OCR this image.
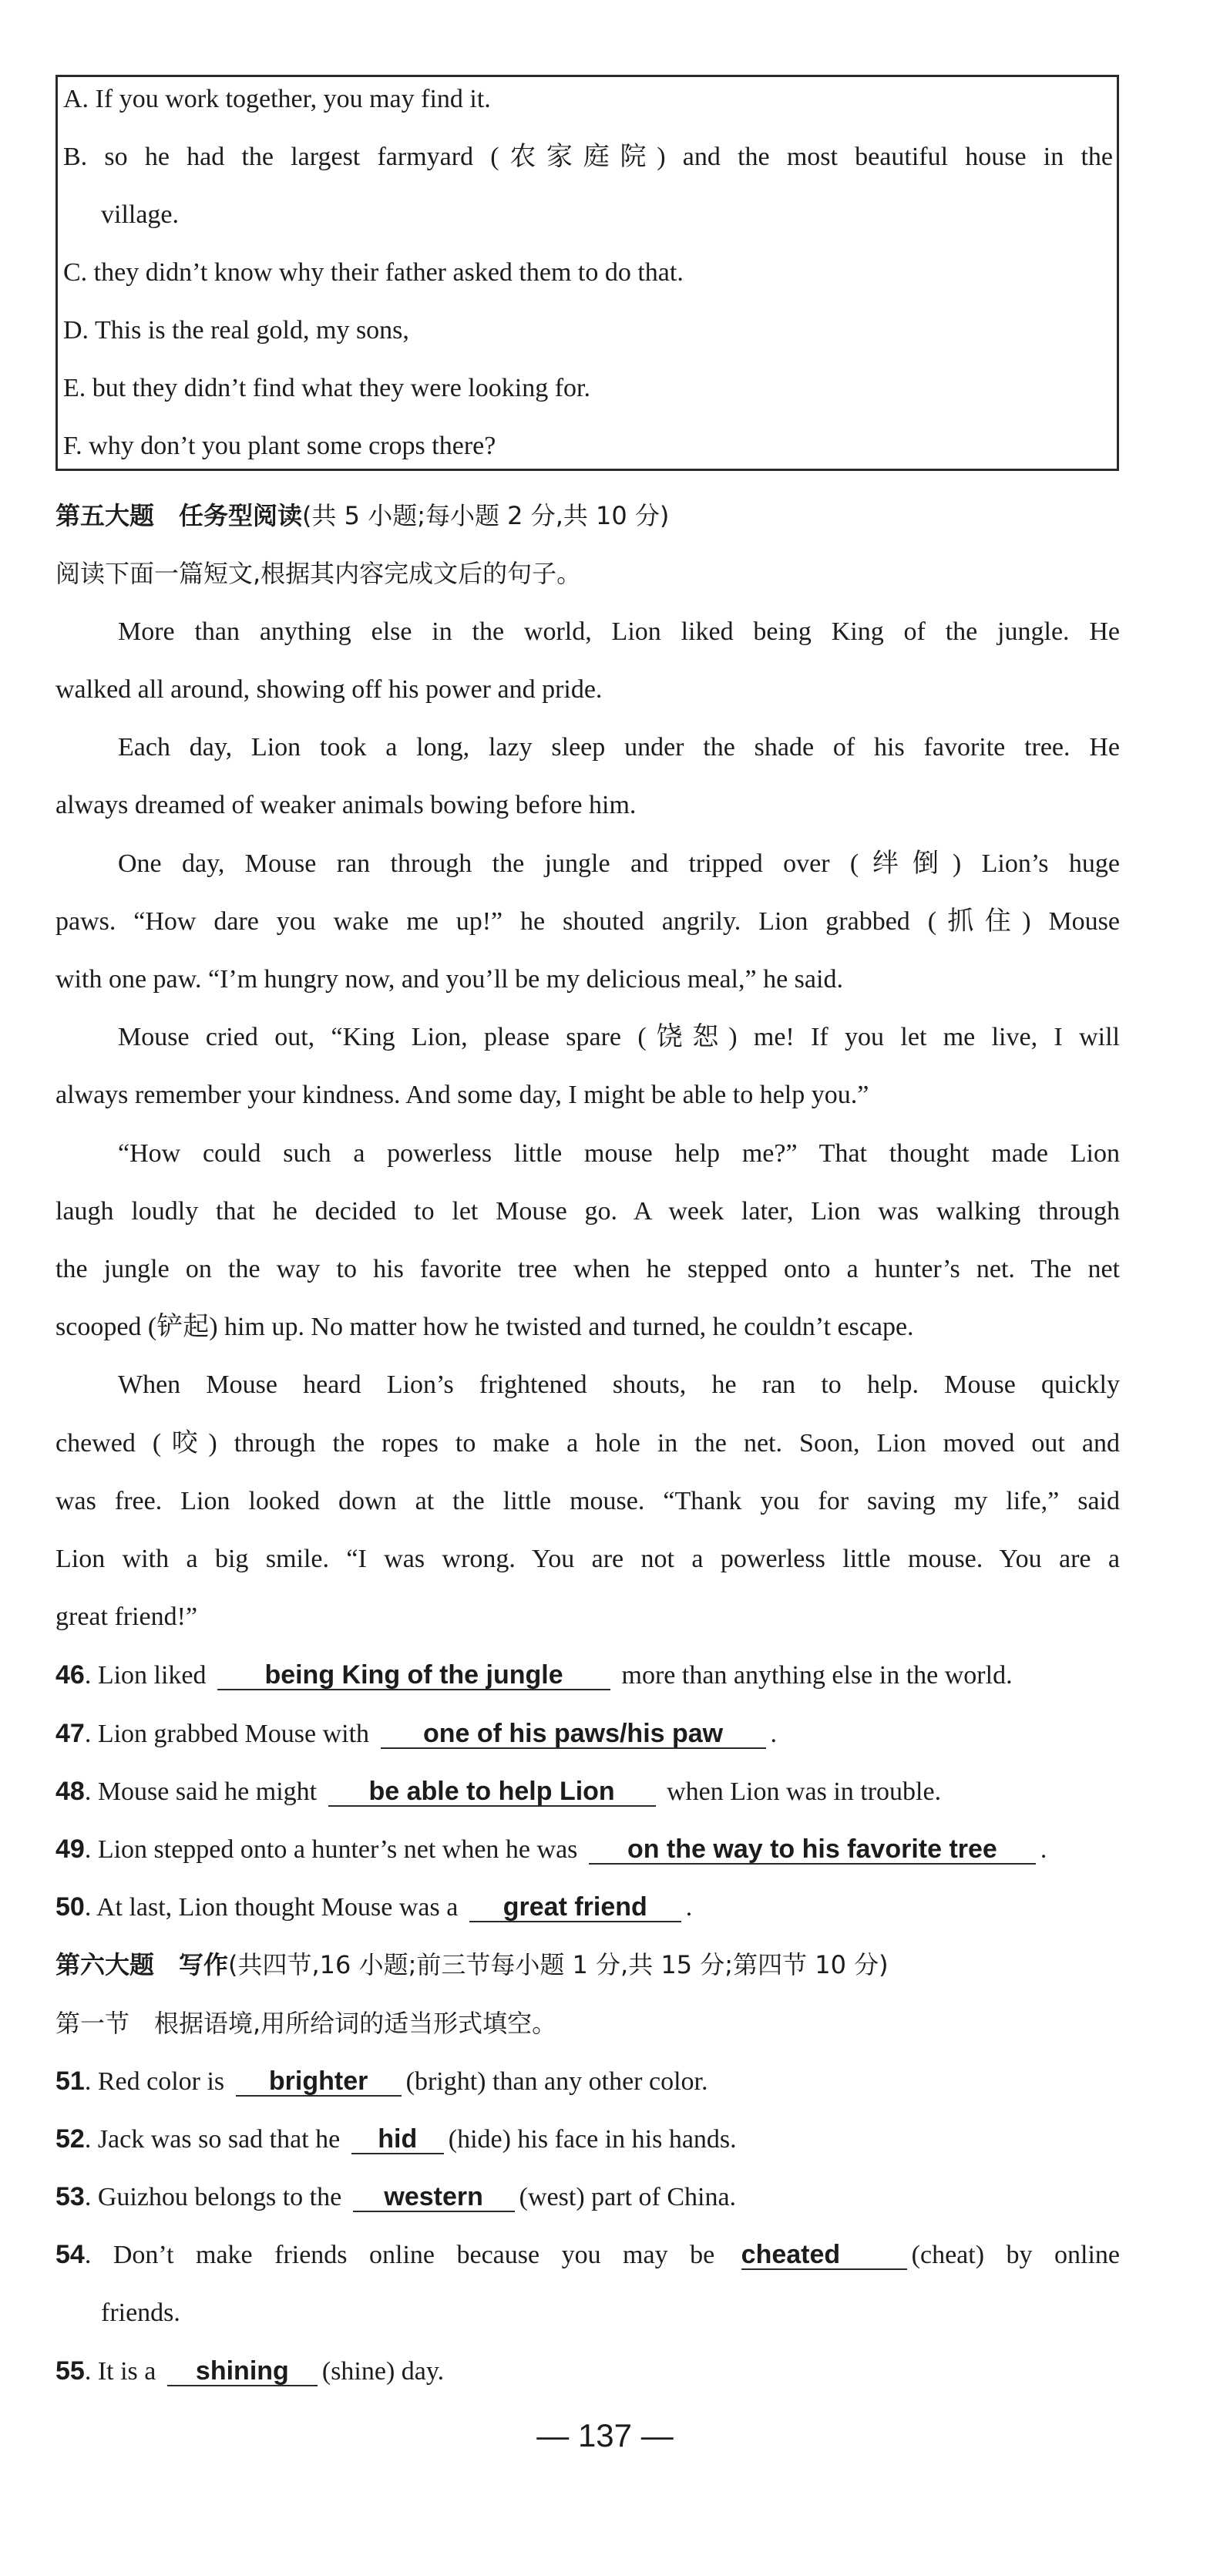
A. If you work together, you may find it.
B. so he had the largest farmyard (农家庭院) and the most beautiful house in the
village.
C. they didn’t know why their father asked them to do that.
D. This is the real gold, my sons,
E. but they didn’t find what they were looking for.
F. why don’t you plant some crops there?
第五大题　任务型阅读(共 5 小题;每小题 2 分,共 10 分)
阅读下面一篇短文,根据其内容完成文后的句子。
More than anything else in the world, Lion liked being King of the jungle. He
walked all around, showing off his power and pride.
Each day, Lion took a long, lazy sleep under the shade of his favorite tree. He
always dreamed of weaker animals bowing before him.
One day, Mouse ran through the jungle and tripped over (绊倒) Lion’s huge
paws. “How dare you wake me up!” he shouted angrily. Lion grabbed (抓住) Mouse
with one paw. “I’m hungry now, and you’ll be my delicious meal,” he said.
Mouse cried out, “King Lion, please spare (饶恕) me! If you let me live, I will
always remember your kindness. And some day, I might be able to help you.”
“How could such a powerless little mouse help me?” That thought made Lion
laugh loudly that he decided to let Mouse go. A week later, Lion was walking through
the jungle on the way to his favorite tree when he stepped onto a hunter’s net. The net
scooped (铲起) him up. No matter how he twisted and turned, he couldn’t escape.
When Mouse heard Lion’s frightened shouts, he ran to help. Mouse quickly
chewed (咬) through the ropes to make a hole in the net. Soon, Lion moved out and
was free. Lion looked down at the little mouse. “Thank you for saving my life,” said
Lion with a big smile. “I was wrong. You are not a powerless little mouse. You are a
great friend!”
46. Lion liked being King of the jungle more than anything else in the world.
47. Lion grabbed Mouse with one of his paws/his paw .
48. Mouse said he might be able to help Lion when Lion was in trouble.
49. Lion stepped onto a hunter’s net when he was on the way to his favorite tree .
50. At last, Lion thought Mouse was a great friend .
第六大题　写作(共四节,16 小题;前三节每小题 1 分,共 15 分;第四节 10 分)
第一节　根据语境,用所给词的适当形式填空。
51. Red color is brighter (bright) than any other color.
52. Jack was so sad that he hid (hide) his face in his hands.
53. Guizhou belongs to the western (west) part of China.
54. Don’t make friends online because you may be cheated	(cheat) by online
friends.
55. It is a shining (shine) day.
— 137 —
